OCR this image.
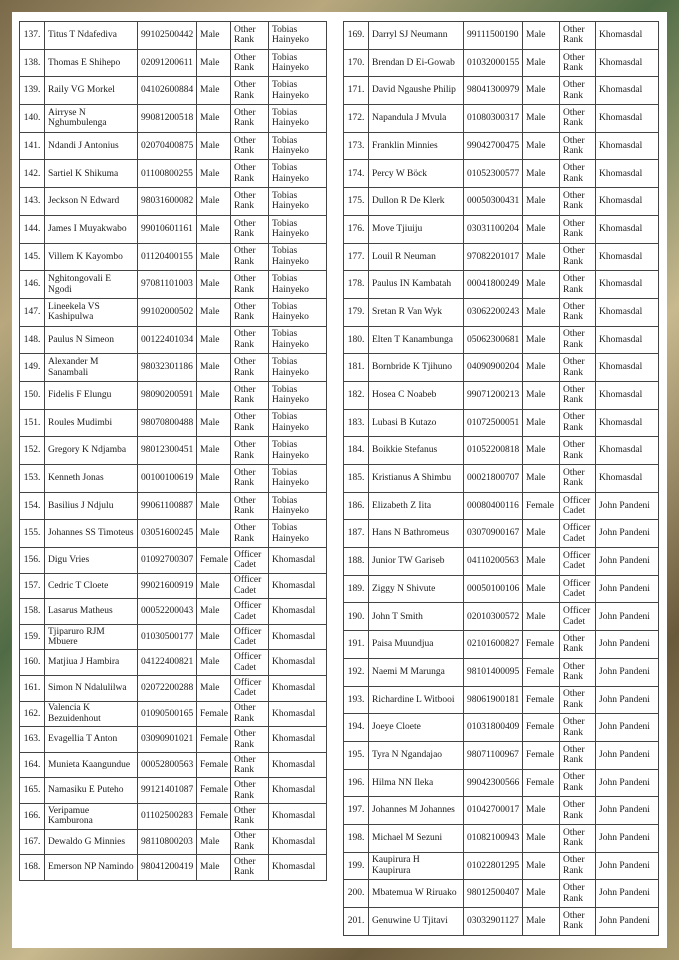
137.	Titus T Ndafediva	99102500442	Male	Other Rank	Tobias Hainyeko
138.	Thomas E Shihepo	02091200611	Male	Other Rank	Tobias Hainyeko
139.	Raily VG Morkel	04102600884	Male	Other Rank	Tobias Hainyeko
140.	Airryse N Nghumbulenga	99081200518	Male	Other Rank	Tobias Hainyeko
141.	Ndandi J Antonius	02070400875	Male	Other Rank	Tobias Hainyeko
142.	Sartiel K Shikuma	01100800255	Male	Other Rank	Tobias Hainyeko
143.	Jeckson N Edward	98031600082	Male	Other Rank	Tobias Hainyeko
144.	James I Muyakwabo	99010601161	Male	Other Rank	Tobias Hainyeko
145.	Villem K Kayombo	01120400155	Male	Other Rank	Tobias Hainyeko
146.	Nghitongovali E Ngodi	97081101003	Male	Other Rank	Tobias Hainyeko
147.	Lineekela VS Kashipulwa	99102000502	Male	Other Rank	Tobias Hainyeko
148.	Paulus N Simeon	00122401034	Male	Other Rank	Tobias Hainyeko
149.	Alexander M Sanambali	98032301186	Male	Other Rank	Tobias Hainyeko
150.	Fidelis F Elungu	98090200591	Male	Other Rank	Tobias Hainyeko
151.	Roules Mudimbi	98070800488	Male	Other Rank	Tobias Hainyeko
152.	Gregory K Ndjamba	98012300451	Male	Other Rank	Tobias Hainyeko
153.	Kenneth Jonas	00100100619	Male	Other Rank	Tobias Hainyeko
154.	Basilius J Ndjulu	99061100887	Male	Other Rank	Tobias Hainyeko
155.	Johannes SS Timoteus	03051600245	Male	Other Rank	Tobias Hainyeko
156.	Digu Vries	01092700307	Female	Officer Cadet	Khomasdal
157.	Cedric T Cloete	99021600919	Male	Officer Cadet	Khomasdal
158.	Lasarus Matheus	00052200043	Male	Officer Cadet	Khomasdal
159.	Tjiparuro RJM Mbuere	01030500177	Male	Officer Cadet	Khomasdal
160.	Matjiua J Hambira	04122400821	Male	Officer Cadet	Khomasdal
161.	Simon N Ndalulilwa	02072200288	Male	Officer Cadet	Khomasdal
162.	Valencia K Bezuidenhout	01090500165	Female	Other Rank	Khomasdal
163.	Evagellia T Anton	03090901021	Female	Other Rank	Khomasdal
164.	Munieta Kaangundue	00052800563	Female	Other Rank	Khomasdal
165.	Namasiku E Puteho	99121401087	Female	Other Rank	Khomasdal
166.	Veripamue Kamburona	01102500283	Female	Other Rank	Khomasdal
167.	Dewaldo G Minnies	98110800203	Male	Other Rank	Khomasdal
168.	Emerson NP Namindo	98041200419	Male	Other Rank	Khomasdal
169.	Darryl SJ Neumann	99111500190	Male	Other Rank	Khomasdal
170.	Brendan D Ei-Gowab	01032000155	Male	Other Rank	Khomasdal
171.	David Ngaushe Philip	98041300979	Male	Other Rank	Khomasdal
172.	Napandula J Mvula	01080300317	Male	Other Rank	Khomasdal
173.	Franklin Minnies	99042700475	Male	Other Rank	Khomasdal
174.	Percy W Böck	01052300577	Male	Other Rank	Khomasdal
175.	Dullon R De Klerk	00050300431	Male	Other Rank	Khomasdal
176.	Move Tjiuiju	03031100204	Male	Other Rank	Khomasdal
177.	Louil R Neuman	97082201017	Male	Other Rank	Khomasdal
178.	Paulus IN Kambatah	00041800249	Male	Other Rank	Khomasdal
179.	Sretan R Van Wyk	03062200243	Male	Other Rank	Khomasdal
180.	Elten T Kanambunga	05062300681	Male	Other Rank	Khomasdal
181.	Bornbride K Tjihuno	04090900204	Male	Other Rank	Khomasdal
182.	Hosea C Noabeb	99071200213	Male	Other Rank	Khomasdal
183.	Lubasi B Kutazo	01072500051	Male	Other Rank	Khomasdal
184.	Boikkie Stefanus	01052200818	Male	Other Rank	Khomasdal
185.	Kristianus A Shimbu	00021800707	Male	Other Rank	Khomasdal
186.	Elizabeth Z Iita	00080400116	Female	Officer Cadet	John Pandeni
187.	Hans N Bathromeus	03070900167	Male	Officer Cadet	John Pandeni
188.	Junior TW Gariseb	04110200563	Male	Officer Cadet	John Pandeni
189.	Ziggy N Shivute	00050100106	Male	Officer Cadet	John Pandeni
190.	John T Smith	02010300572	Male	Officer Cadet	John Pandeni
191.	Paisa Muundjua	02101600827	Female	Other Rank	John Pandeni
192.	Naemi M Marunga	98101400095	Female	Other Rank	John Pandeni
193.	Richardine L Witbooi	98061900181	Female	Other Rank	John Pandeni
194.	Joeye Cloete	01031800409	Female	Other Rank	John Pandeni
195.	Tyra N Ngandajao	98071100967	Female	Other Rank	John Pandeni
196.	Hilma NN Ileka	99042300566	Female	Other Rank	John Pandeni
197.	Johannes M Johannes	01042700017	Male	Other Rank	John Pandeni
198.	Michael M Sezuni	01082100943	Male	Other Rank	John Pandeni
199.	Kaupirura H Kaupirura	01022801295	Male	Other Rank	John Pandeni
200.	Mbatemua W Riruako	98012500407	Male	Other Rank	John Pandeni
201.	Genuwine U Tjitavi	03032901127	Male	Other Rank	John Pandeni
